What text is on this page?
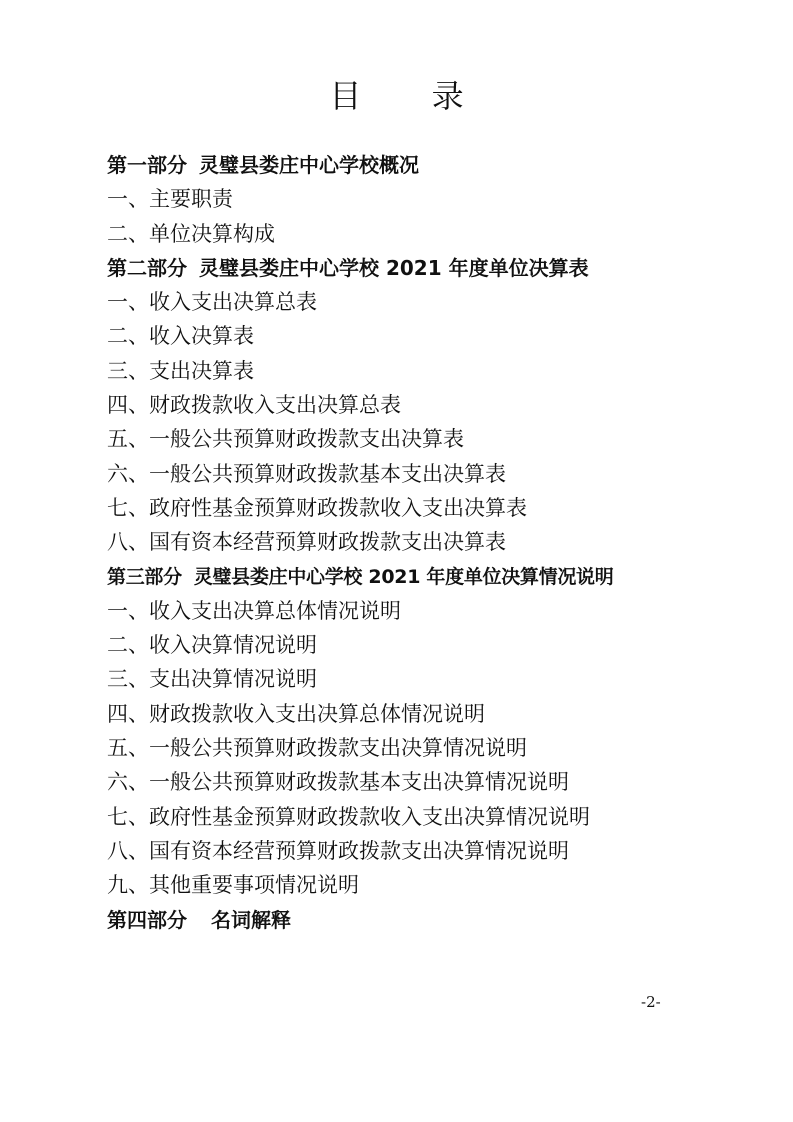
目 录
第一部分 灵璧县娄庄中心学校概况
一、主要职责
二、单位决算构成
第二部分 灵璧县娄庄中心学校 2021 年度单位决算表
一、收入支出决算总表
二、收入决算表
三、支出决算表
四、财政拨款收入支出决算总表
五、一般公共预算财政拨款支出决算表
六、一般公共预算财政拨款基本支出决算表
七、政府性基金预算财政拨款收入支出决算表
八、国有资本经营预算财政拨款支出决算表
第三部分 灵璧县娄庄中心学校 2021 年度单位决算情况说明
一、收入支出决算总体情况说明
二、收入决算情况说明
三、支出决算情况说明
四、财政拨款收入支出决算总体情况说明
五、一般公共预算财政拨款支出决算情况说明
六、一般公共预算财政拨款基本支出决算情况说明
七、政府性基金预算财政拨款收入支出决算情况说明
八、国有资本经营预算财政拨款支出决算情况说明
九、其他重要事项情况说明
第四部分 名词解释
-2-
